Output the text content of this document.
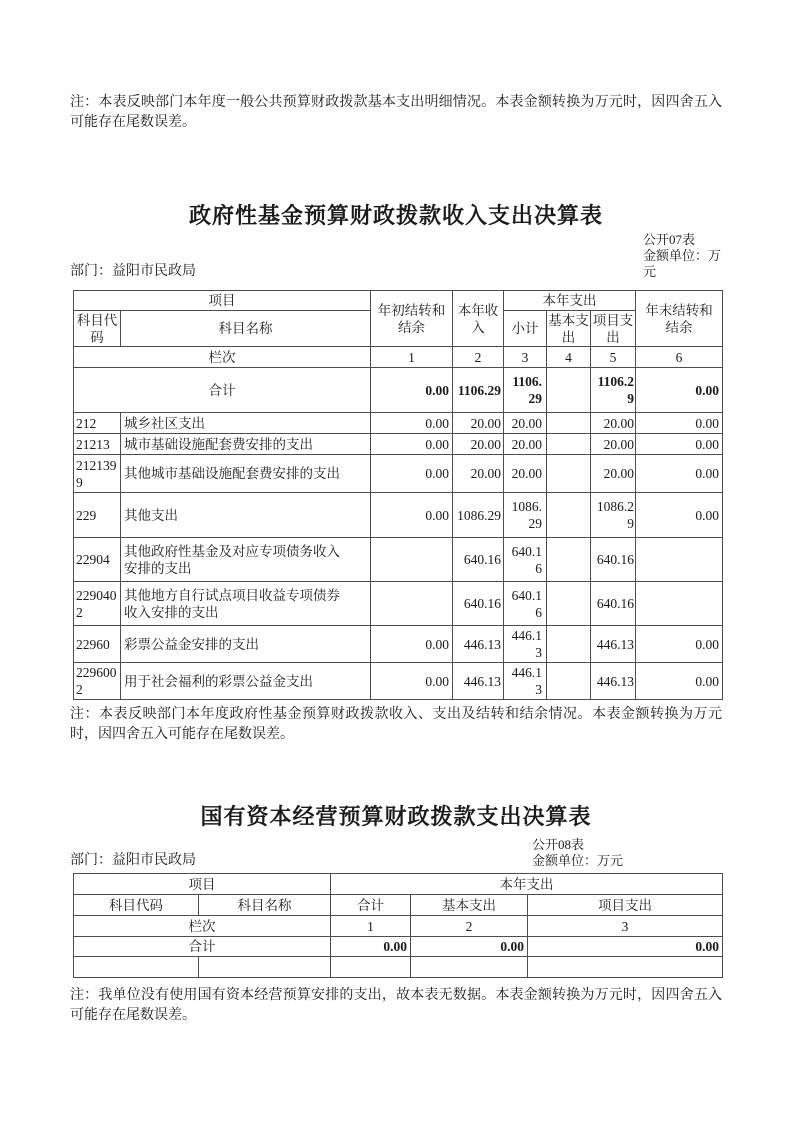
注：本表反映部门本年度一般公共预算财政拨款基本支出明细情况。本表金额转换为万元时，因四舍五入可能存在尾数误差。
政府性基金预算财政拨款收入支出决算表
部门：益阳市民政局
公开07表
金额单位：万元
项目		年初结转和结余	本年收入	本年支出			年末结转和结余
科目代码	科目名称			小计	基本支出	项目支出	
栏次		1	2	3	4	5	6
合计		0.00	1106.29	1106.29		1106.29	0.00
212	城乡社区支出	0.00	20.00	20.00		20.00	0.00
21213	城市基础设施配套费安排的支出	0.00	20.00	20.00		20.00	0.00
2121399	其他城市基础设施配套费安排的支出	0.00	20.00	20.00		20.00	0.00
229	其他支出	0.00	1086.29	1086.29		1086.29	0.00
22904	其他政府性基金及对应专项债务收入安排的支出		640.16	640.16		640.16	
2290402	其他地方自行试点项目收益专项债券收入安排的支出		640.16	640.16		640.16	
22960	彩票公益金安排的支出	0.00	446.13	446.13		446.13	0.00
2296002	用于社会福利的彩票公益金支出	0.00	446.13	446.13		446.13	0.00
注：本表反映部门本年度政府性基金预算财政拨款收入、支出及结转和结余情况。本表金额转换为万元时，因四舍五入可能存在尾数误差。
国有资本经营预算财政拨款支出决算表
部门：益阳市民政局
公开08表
金额单位：万元
项目		本年支出		
科目代码	科目名称	合计	基本支出	项目支出
栏次		1	2	3
合计		0.00	0.00	0.00

注：我单位没有使用国有资本经营预算安排的支出，故本表无数据。本表金额转换为万元时，因四舍五入可能存在尾数误差。
